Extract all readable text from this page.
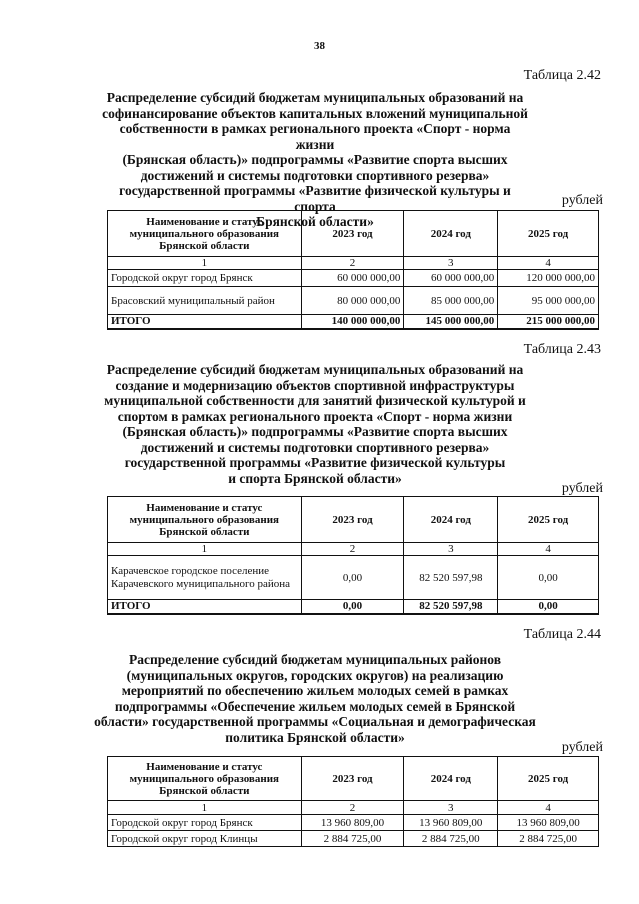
38
Таблица 2.42
Распределение субсидий бюджетам муниципальных образований на
софинансирование объектов капитальных вложений муниципальной
собственности в рамках регионального проекта «Спорт - норма жизни
(Брянская область)» подпрограммы «Развитие спорта высших
достижений и системы подготовки спортивного резерва»
государственной программы «Развитие физической культуры и спорта
Брянской области»
рублей
Наименование и статус муниципального образования Брянской области	2023 год	2024 год	2025 год
1	2	3	4
Городской округ город Брянск	60 000 000,00	60 000 000,00	120 000 000,00
Брасовский муниципальный район	80 000 000,00	85 000 000,00	95 000 000,00
ИТОГО	140 000 000,00	145 000 000,00	215 000 000,00
Таблица 2.43
Распределение субсидий бюджетам муниципальных образований на
создание и модернизацию объектов спортивной инфраструктуры
муниципальной собственности для занятий физической культурой и
спортом в рамках регионального проекта «Спорт - норма жизни
(Брянская область)» подпрограммы «Развитие спорта высших
достижений и системы подготовки спортивного резерва»
государственной программы «Развитие физической культуры
и спорта Брянской области»
рублей
Наименование и статус муниципального образования Брянской области	2023 год	2024 год	2025 год
1	2	3	4
Карачевское городское поселение Карачевского муниципального района	0,00	82 520 597,98	0,00
ИТОГО	0,00	82 520 597,98	0,00
Таблица 2.44
Распределение субсидий бюджетам муниципальных районов
(муниципальных округов, городских округов) на реализацию
мероприятий по обеспечению жильем молодых семей в рамках
подпрограммы «Обеспечение жильем молодых семей в Брянской
области» государственной программы «Социальная и демографическая
политика Брянской области»
рублей
Наименование и статус муниципального образования Брянской области	2023 год	2024 год	2025 год
1	2	3	4
Городской округ город Брянск	13 960 809,00	13 960 809,00	13 960 809,00
Городской округ город Клинцы	2 884 725,00	2 884 725,00	2 884 725,00
